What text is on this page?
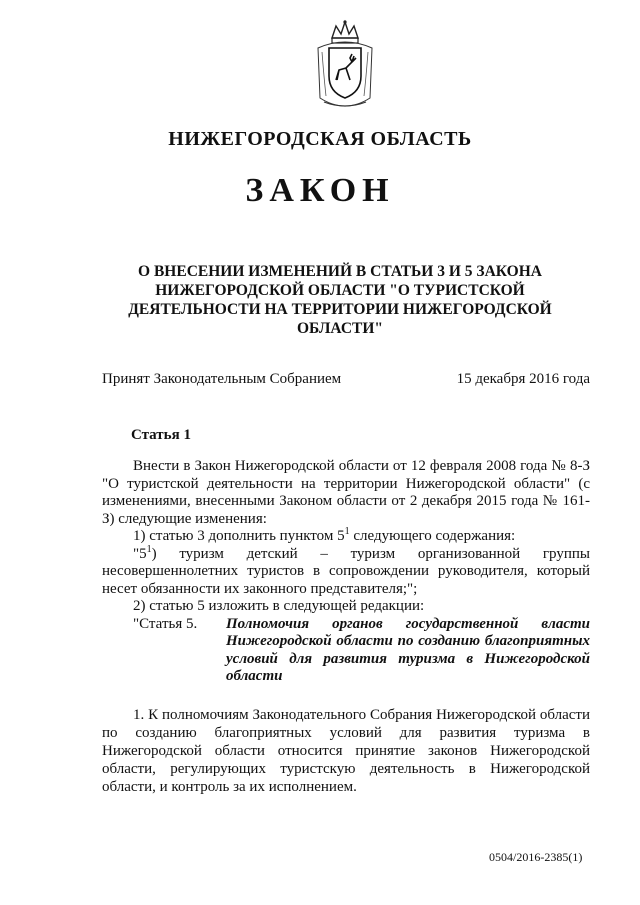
НИЖЕГОРОДСКАЯ ОБЛАСТЬ
ЗАКОН
О ВНЕСЕНИИ ИЗМЕНЕНИЙ В СТАТЬИ 3 И 5 ЗАКОНА
НИЖЕГОРОДСКОЙ ОБЛАСТИ "О ТУРИСТСКОЙ
ДЕЯТЕЛЬНОСТИ НА ТЕРРИТОРИИ НИЖЕГОРОДСКОЙ
ОБЛАСТИ"
Принят Законодательным Собранием	15 декабря 2016 года
Статья 1

Внести в Закон Нижегородской области от 12 февраля 2008 года № 8-З "О туристской деятельности на территории Нижегородской области" (с изменениями, внесенными Законом области от 2 декабря 2015 года № 161-З) следующие изменения:

1) статью 3 дополнить пунктом $5^1$ следующего содержания:

"$5^1$) туризм детский – туризм организованной группы несовершеннолетних туристов в сопровождении руководителя, который несет обязанности их законного представителя;";

2) статью 5 изложить в следующей редакции:

"Статья 5.	Полномочия органов государственной власти Нижегородской области по созданию благоприятных условий для развития туризма в Нижегородской области

1. К полномочиям Законодательного Собрания Нижегородской области по созданию благоприятных условий для развития туризма в Нижегородской области относится принятие законов Нижегородской области, регулирующих туристскую деятельность в Нижегородской области, и контроль за их исполнением.

0504/2016-2385(1)
